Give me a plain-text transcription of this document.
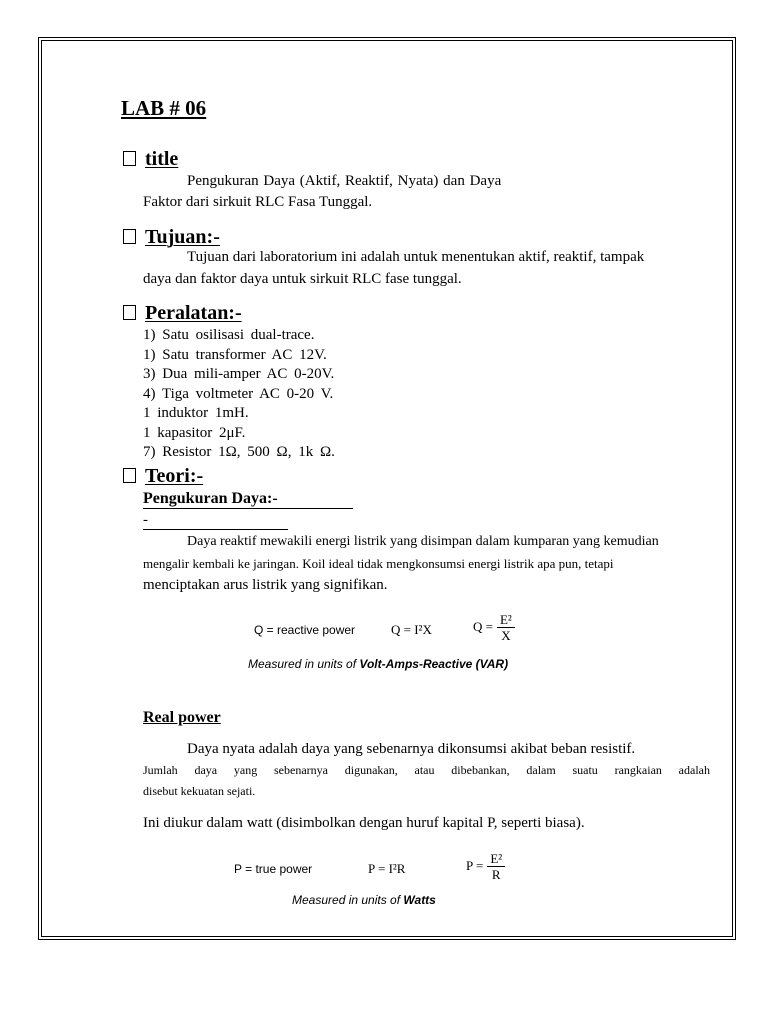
LAB # 06
title
Pengukuran Daya (Aktif, Reaktif, Nyata) dan Daya
Faktor dari sirkuit RLC Fasa Tunggal.
Tujuan:-
Tujuan dari laboratorium ini adalah untuk menentukan aktif, reaktif, tampak
daya dan faktor daya untuk sirkuit RLC fase tunggal.
Peralatan:-
1) Satu osilisasi dual-trace.
1) Satu transformer AC 12V.
3) Dua mili-amper AC 0-20V.
4) Tiga voltmeter AC 0-20 V.
1 induktor 1mH.
1 kapasitor 2μF.
7) Resistor 1Ω, 500 Ω, 1k Ω.
Teori:-
Pengukuran Daya:-
-
Daya reaktif mewakili energi listrik yang disimpan dalam kumparan yang kemudian
mengalir kembali ke jaringan. Koil ideal tidak mengkonsumsi energi listrik apa pun, tetapi
menciptakan arus listrik yang signifikan.
Q = reactive power	Q = I²X	$Q = \frac{\text{E²}}{X}$
Measured in units of Volt-Amps-Reactive (VAR)
Real power
Daya nyata adalah daya yang sebenarnya dikonsumsi akibat beban resistif.
Jumlah daya yang sebenarnya digunakan, atau dibebankan, dalam suatu rangkaian adalah
disebut kekuatan sejati.
Ini diukur dalam watt (disimbolkan dengan huruf kapital P, seperti biasa).
P = true power	P = I²R	$P = \frac{\text{E²}}{R}$
Measured in units of Watts
